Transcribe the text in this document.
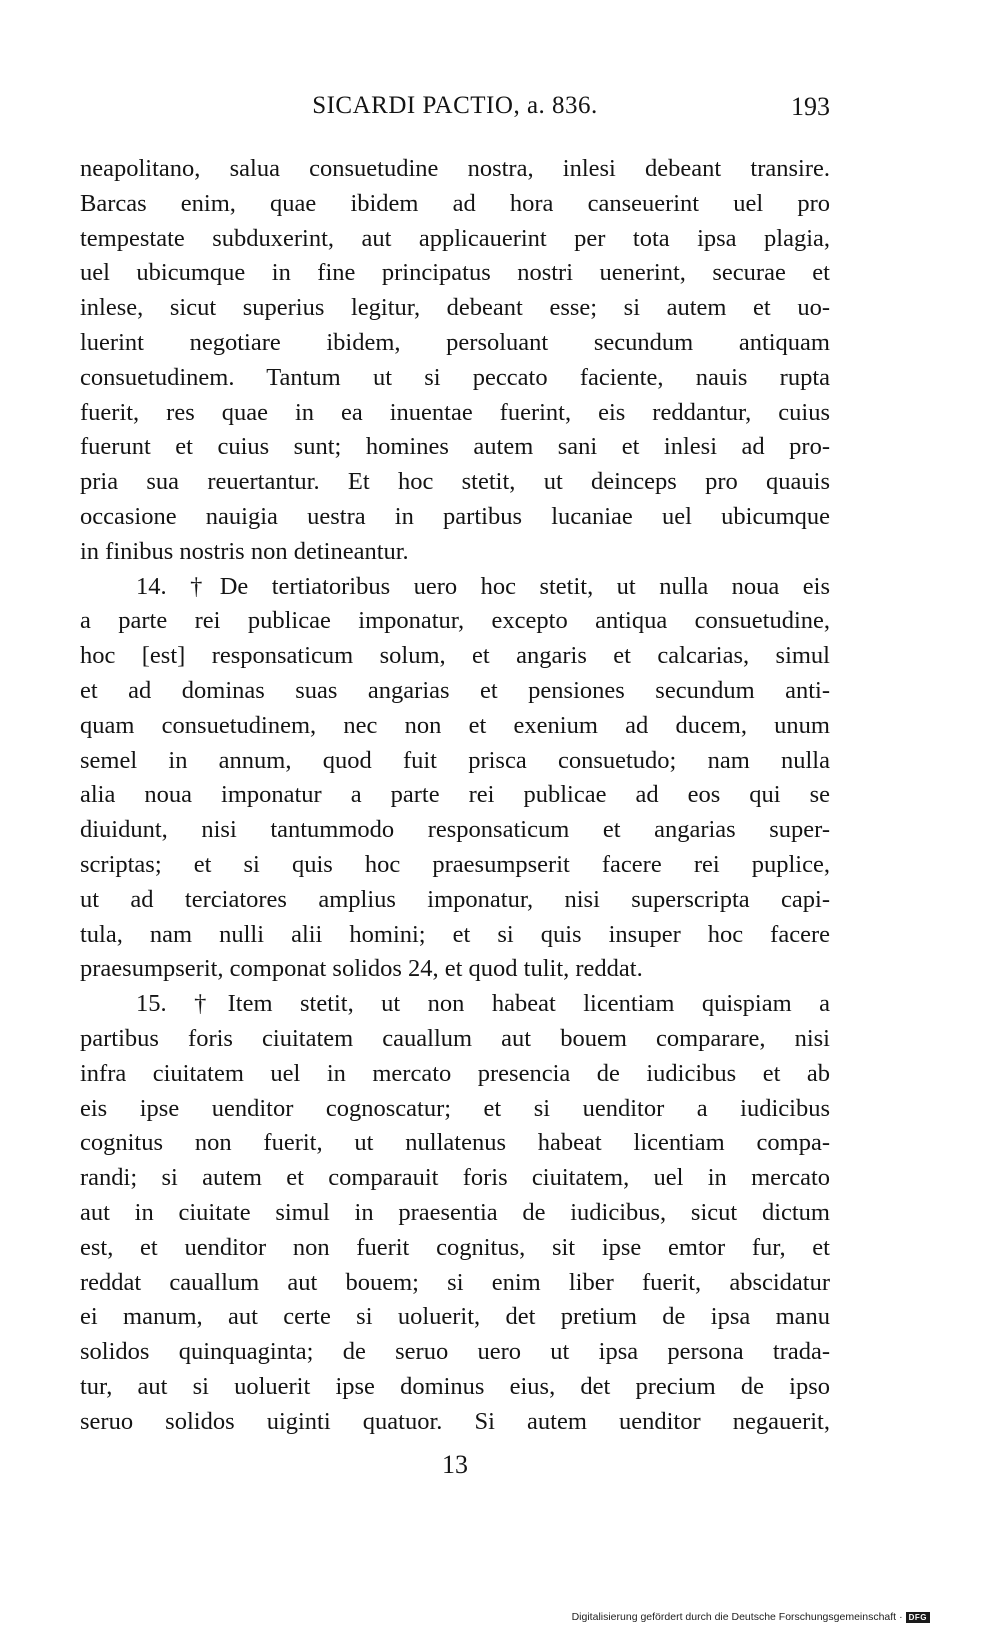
SICARDI PACTIO, a. 836.	193
neapolitano, salua consuetudine nostra, inlesi debeant transire.
Barcas enim, quae ibidem ad hora canseuerint uel pro
tempestate subduxerint, aut applicauerint per tota ipsa plagia,
uel ubicumque in fine principatus nostri uenerint, securae et
inlese, sicut superius legitur, debeant esse; si autem et uo-
luerint negotiare ibidem, persoluant secundum antiquam
consuetudinem. Tantum ut si peccato faciente, nauis rupta
fuerit, res quae in ea inuentae fuerint, eis reddantur, cuius
fuerunt et cuius sunt; homines autem sani et inlesi ad pro-
pria sua reuertantur. Et hoc stetit, ut deinceps pro quauis
occasione nauigia uestra in partibus lucaniae uel ubicumque
in finibus nostris non detineantur.
14. †De tertiatoribus uero hoc stetit, ut nulla noua eis
a parte rei publicae imponatur, excepto antiqua consuetudine,
hoc [est] responsaticum solum, et angaris et calcarias, simul
et ad dominas suas angarias et pensiones secundum anti-
quam consuetudinem, nec non et exenium ad ducem, unum
semel in annum, quod fuit prisca consuetudo; nam nulla
alia noua imponatur a parte rei publicae ad eos qui se
diuidunt, nisi tantummodo responsaticum et angarias super-
scriptas; et si quis hoc praesumpserit facere rei puplice,
ut ad terciatores amplius imponatur, nisi superscripta capi-
tula, nam nulli alii homini; et si quis insuper hoc facere
praesumpserit, componat solidos 24, et quod tulit, reddat.
15. †Item stetit, ut non habeat licentiam quispiam a
partibus foris ciuitatem cauallum aut bouem comparare, nisi
infra ciuitatem uel in mercato presencia de iudicibus et ab
eis ipse uenditor cognoscatur; et si uenditor a iudicibus
cognitus non fuerit, ut nullatenus habeat licentiam compa-
randi; si autem et comparauit foris ciuitatem, uel in mercato
aut in ciuitate simul in praesentia de iudicibus, sicut dictum
est, et uenditor non fuerit cognitus, sit ipse emtor fur, et
reddat cauallum aut bouem; si enim liber fuerit, abscidatur
ei manum, aut certe si uoluerit, det pretium de ipsa manu
solidos quinquaginta; de seruo uero ut ipsa persona trada-
tur, aut si uoluerit ipse dominus eius, det precium de ipso
seruo solidos uiginti quatuor. Si autem uenditor negauerit,
13
Digitalisierung gefördert durch die Deutsche Forschungsgemeinschaft · DFG
